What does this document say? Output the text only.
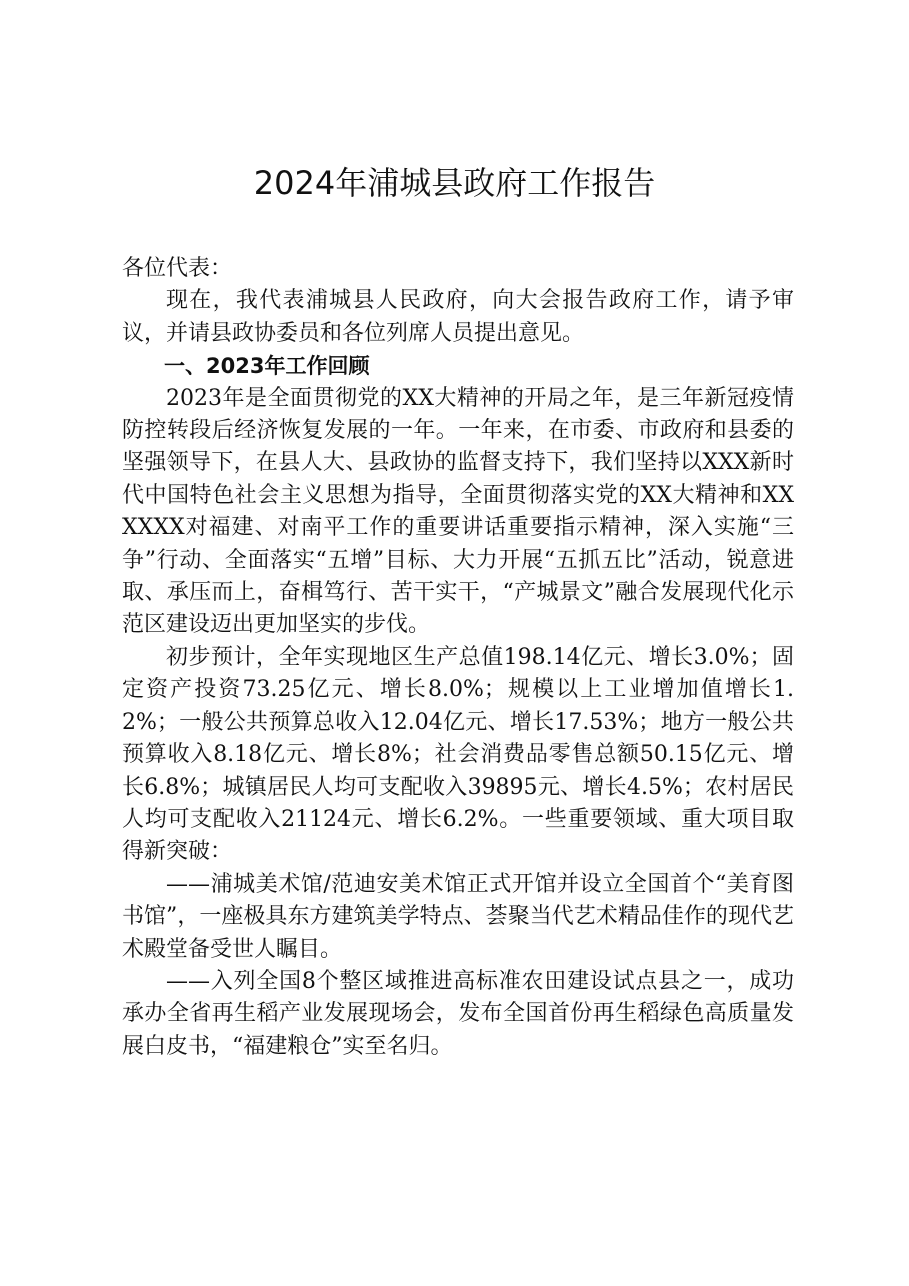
2024年浦城县政府工作报告

各位代表：

现在，我代表浦城县人民政府，向大会报告政府工作，请予审议，并请县政协委员和各位列席人员提出意见。

一、2023年工作回顾

2023年是全面贯彻党的XX大精神的开局之年，是三年新冠疫情防控转段后经济恢复发展的一年。一年来，在市委、市政府和县委的坚强领导下，在县人大、县政协的监督支持下，我们坚持以XXX新时代中国特色社会主义思想为指导，全面贯彻落实党的XX大精神和XXXXXX对福建、对南平工作的重要讲话重要指示精神，深入实施“三争”行动、全面落实“五增”目标、大力开展“五抓五比”活动，锐意进取、承压而上，奋楫笃行、苦干实干，“产城景文”融合发展现代化示范区建设迈出更加坚实的步伐。

初步预计，全年实现地区生产总值198.14亿元、增长3.0%；固定资产投资73.25亿元、增长8.0%；规模以上工业增加值增长1.2%；一般公共预算总收入12.04亿元、增长17.53%；地方一般公共预算收入8.18亿元、增长8%；社会消费品零售总额50.15亿元、增长6.8%；城镇居民人均可支配收入39895元、增长4.5%；农村居民人均可支配收入21124元、增长6.2%。一些重要领域、重大项目取得新突破：

——浦城美术馆/范迪安美术馆正式开馆并设立全国首个“美育图书馆”，一座极具东方建筑美学特点、荟聚当代艺术精品佳作的现代艺术殿堂备受世人瞩目。

——入列全国8个整区域推进高标准农田建设试点县之一，成功承办全省再生稻产业发展现场会，发布全国首份再生稻绿色高质量发展白皮书，“福建粮仓”实至名归。
